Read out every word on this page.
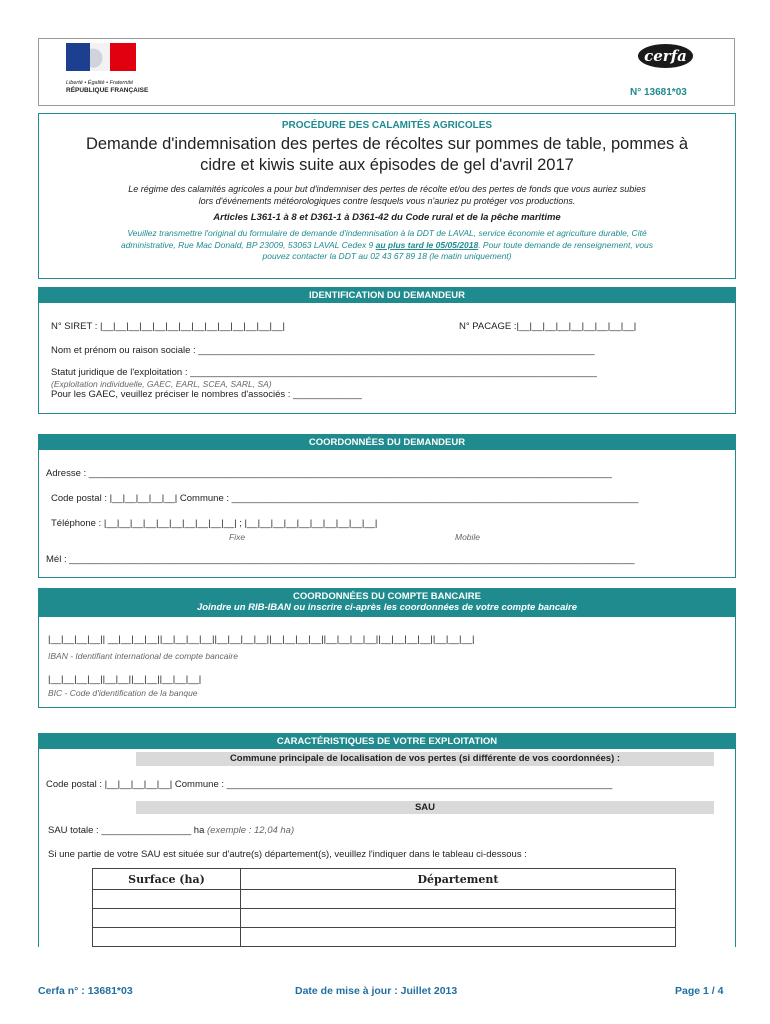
Liberté • Égalité • Fraternité
RÉPUBLIQUE FRANÇAISE
cerfa
N° 13681*03
PROCÉDURE DES CALAMITÉS AGRICOLES
Demande d'indemnisation des pertes de récoltes sur pommes de table, pommes à
cidre et kiwis suite aux épisodes de gel d'avril 2017
Le régime des calamités agricoles a pour but d'indemniser des pertes de récolte et/ou des pertes de fonds que vous auriez subies
lors d'événements météorologiques contre lesquels vous n'auriez pu protéger vos productions.
Articles L361-1 à 8 et D361-1 à D361-42 du Code rural et de la pêche maritime
Veuillez transmettre l'original du formulaire de demande d'indemnisation à la DDT de LAVAL, service économie et agriculture durable, Cité
administrative, Rue Mac Donald, BP 23009, 53063 LAVAL Cedex 9 au plus tard le 05/05/2018. Pour toute demande de renseignement, vous
pouvez contacter la DDT au 02 43 67 89 18 (le matin uniquement)
IDENTIFICATION DU DEMANDEUR
N° SIRET : |__|__|__|__|__|__|__|__|__|__|__|__|__|__|	N° PACAGE :|__|__|__|__|__|__|__|__|__|
Nom et prénom ou raison sociale : ___________________________________________________________________________
Statut juridique de l'exploitation : _____________________________________________________________________________
(Exploitation individuelle, GAEC, EARL, SCEA, SARL, SA)
Pour les GAEC, veuillez préciser le nombres d'associés : _____________
COORDONNÉES DU DEMANDEUR
Adresse : ___________________________________________________________________________________________________
Code postal : |__|__|__|__|__| Commune : _____________________________________________________________________________
Téléphone : |__|__|__|__|__|__|__|__|__|__| ; |__|__|__|__|__|__|__|__|__|__|
Fixe	Mobile
Mél : ___________________________________________________________________________________________________________
COORDONNÉES DU COMPTE BANCAIRE
Joindre un RIB-IBAN ou inscrire ci-après les coordonnées de votre compte bancaire
|__|__|__|__|| __|__|__|__||__|__|__|__||__|__|__|__||__|__|__|__||__|__|__|__||__|__|__|__||__|__|__|
IBAN - Identifiant international de compte bancaire
|__|__|__|__||__|__||__|__||__|__|__|
BIC - Code d'identification de la banque
CARACTÉRISTIQUES DE VOTRE EXPLOITATION
Commune principale de localisation de vos pertes (si différente de vos coordonnées) :
Code postal : |__|__|__|__|__| Commune : _________________________________________________________________________
SAU
SAU totale : _________________ ha (exemple : 12,04 ha)
Si une partie de votre SAU est située sur d'autre(s) département(s), veuillez l'indiquer dans le tableau ci-dessous :
Surface (ha)	Département

Cerfa n° : 13681*03	Date de mise à jour : Juillet 2013	Page 1 / 4
